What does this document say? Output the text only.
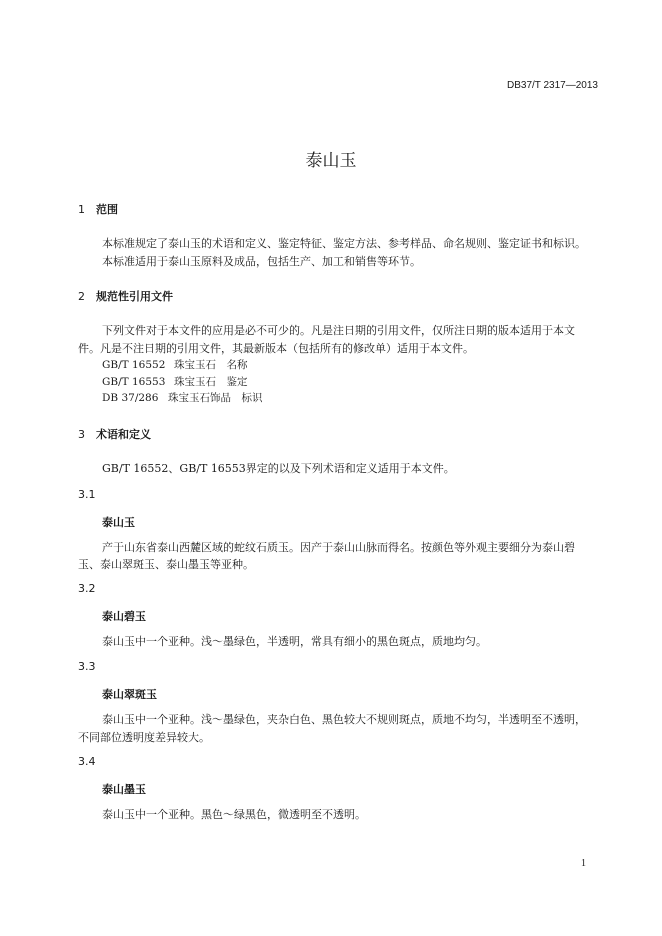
DB37/T 2317—2013
泰山玉
1 范围
本标准规定了泰山玉的术语和定义、鉴定特征、鉴定方法、参考样品、命名规则、鉴定证书和标识。
本标准适用于泰山玉原料及成品，包括生产、加工和销售等环节。
2 规范性引用文件
下列文件对于本文件的应用是必不可少的。凡是注日期的引用文件，仅所注日期的版本适用于本文
件。凡是不注日期的引用文件，其最新版本（包括所有的修改单）适用于本文件。
GB/T 16552 珠宝玉石　名称
GB/T 16553 珠宝玉石　鉴定
DB 37/286 珠宝玉石饰品　标识
3 术语和定义
GB/T 16552、GB/T 16553界定的以及下列术语和定义适用于本文件。
3.1
泰山玉
产于山东省泰山西麓区域的蛇纹石质玉。因产于泰山山脉而得名。按颜色等外观主要细分为泰山碧
玉、泰山翠斑玉、泰山墨玉等亚种。
3.2
泰山碧玉
泰山玉中一个亚种。浅～墨绿色，半透明，常具有细小的黑色斑点，质地均匀。
3.3
泰山翠斑玉
泰山玉中一个亚种。浅～墨绿色，夹杂白色、黑色较大不规则斑点，质地不均匀，半透明至不透明，
不同部位透明度差异较大。
3.4
泰山墨玉
泰山玉中一个亚种。黑色～绿黑色，微透明至不透明。
1
